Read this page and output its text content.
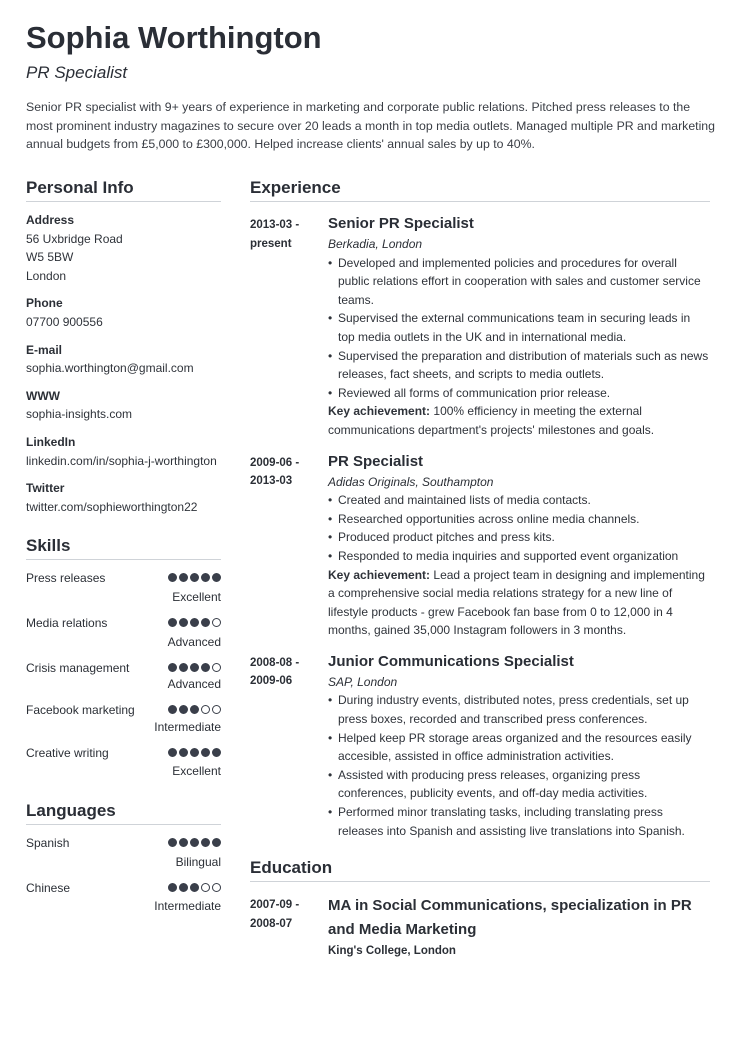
Sophia Worthington
PR Specialist
Senior PR specialist with 9+ years of experience in marketing and corporate public relations. Pitched press releases to the most prominent industry magazines to secure over 20 leads a month in top media outlets. Managed multiple PR and marketing annual budgets from £5,000 to £300,000. Helped increase clients' annual sales by up to 40%.
Personal Info
Address
56 Uxbridge Road
W5 5BW
London
Phone
07700 900556
E-mail
sophia.worthington@gmail.com
WWW
sophia-insights.com
LinkedIn
linkedin.com/in/sophia-j-worthington
Twitter
twitter.com/sophieworthington22
Skills
Press releases
Excellent
Media relations
Advanced
Crisis management
Advanced
Facebook marketing
Intermediate
Creative writing
Excellent
Languages
Spanish
Bilingual
Chinese
Intermediate
Experience
2013-03 -
present
Senior PR Specialist
Berkadia, London
• Developed and implemented policies and procedures for overall public relations effort in cooperation with sales and customer service teams.
• Supervised the external communications team in securing leads in top media outlets in the UK and in international media.
• Supervised the preparation and distribution of materials such as news releases, fact sheets, and scripts to media outlets.
• Reviewed all forms of communication prior release.
Key achievement: 100% efficiency in meeting the external communications department's projects' milestones and goals.
2009-06 -
2013-03
PR Specialist
Adidas Originals, Southampton
• Created and maintained lists of media contacts.
• Researched opportunities across online media channels.
• Produced product pitches and press kits.
• Responded to media inquiries and supported event organization
Key achievement: Lead a project team in designing and implementing a comprehensive social media relations strategy for a new line of lifestyle products - grew Facebook fan base from 0 to 12,000 in 4 months, gained 35,000 Instagram followers in 3 months.
2008-08 -
2009-06
Junior Communications Specialist
SAP, London
• During industry events, distributed notes, press credentials, set up press boxes, recorded and transcribed press conferences.
• Helped keep PR storage areas organized and the resources easily accesible, assisted in office administration activities.
• Assisted with producing press releases, organizing press conferences, publicity events, and off-day media activities.
• Performed minor translating tasks, including translating press releases into Spanish and assisting live translations into Spanish.
Education
2007-09 -
2008-07
MA in Social Communications, specialization in PR and Media Marketing
King's College, London
